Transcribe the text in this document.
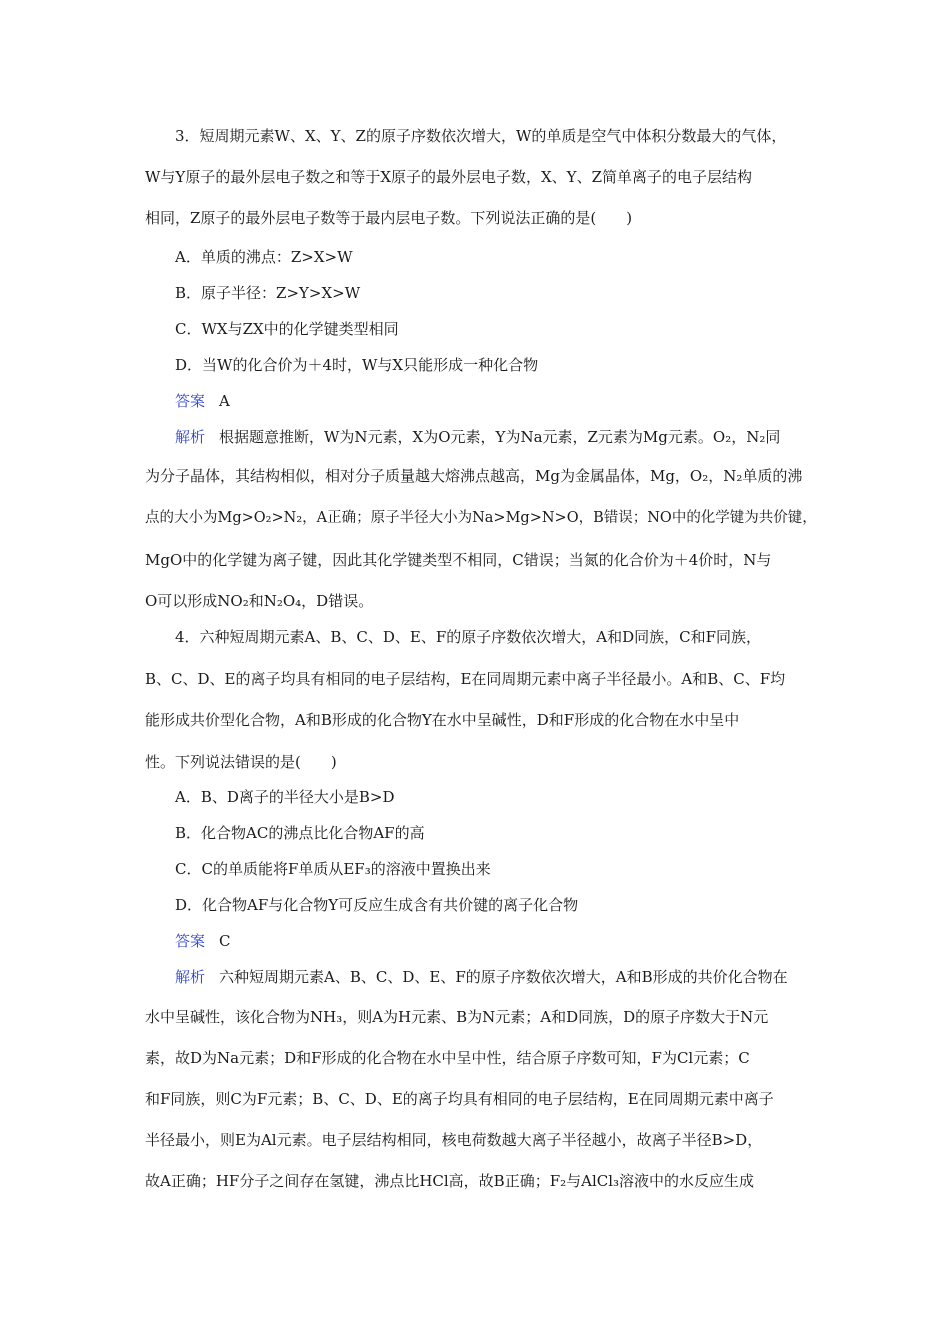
3．短周期元素W、X、Y、Z的原子序数依次增大，W的单质是空气中体积分数最大的气体，
W与Y原子的最外层电子数之和等于X原子的最外层电子数，X、Y、Z简单离子的电子层结构
相同，Z原子的最外层电子数等于最内层电子数。下列说法正确的是(　　)
A．单质的沸点：Z>X>W
B．原子半径：Z>Y>X>W
C．WX与ZX中的化学键类型相同
D．当W的化合价为＋4时，W与X只能形成一种化合物
答案 A
解析 根据题意推断，W为N元素，X为O元素，Y为Na元素，Z元素为Mg元素。O₂，N₂同
为分子晶体，其结构相似，相对分子质量越大熔沸点越高，Mg为金属晶体，Mg，O₂，N₂单质的沸
点的大小为Mg>O₂>N₂，A正确；原子半径大小为Na>Mg>N>O，B错误；NO中的化学键为共价键，
MgO中的化学键为离子键，因此其化学键类型不相同，C错误；当氮的化合价为＋4价时，N与
O可以形成NO₂和N₂O₄，D错误。
4．六种短周期元素A、B、C、D、E、F的原子序数依次增大，A和D同族，C和F同族，
B、C、D、E的离子均具有相同的电子层结构，E在同周期元素中离子半径最小。A和B、C、F均
能形成共价型化合物，A和B形成的化合物Y在水中呈碱性，D和F形成的化合物在水中呈中
性。下列说法错误的是(　　)
A．B、D离子的半径大小是B>D
B．化合物AC的沸点比化合物AF的高
C．C的单质能将F单质从EF₃的溶液中置换出来
D．化合物AF与化合物Y可反应生成含有共价键的离子化合物
答案 C
解析 六种短周期元素A、B、C、D、E、F的原子序数依次增大，A和B形成的共价化合物在
水中呈碱性，该化合物为NH₃，则A为H元素、B为N元素；A和D同族，D的原子序数大于N元
素，故D为Na元素；D和F形成的化合物在水中呈中性，结合原子序数可知，F为Cl元素；C
和F同族，则C为F元素；B、C、D、E的离子均具有相同的电子层结构，E在同周期元素中离子
半径最小，则E为Al元素。电子层结构相同，核电荷数越大离子半径越小，故离子半径B>D，
故A正确；HF分子之间存在氢键，沸点比HCl高，故B正确；F₂与AlCl₃溶液中的水反应生成
